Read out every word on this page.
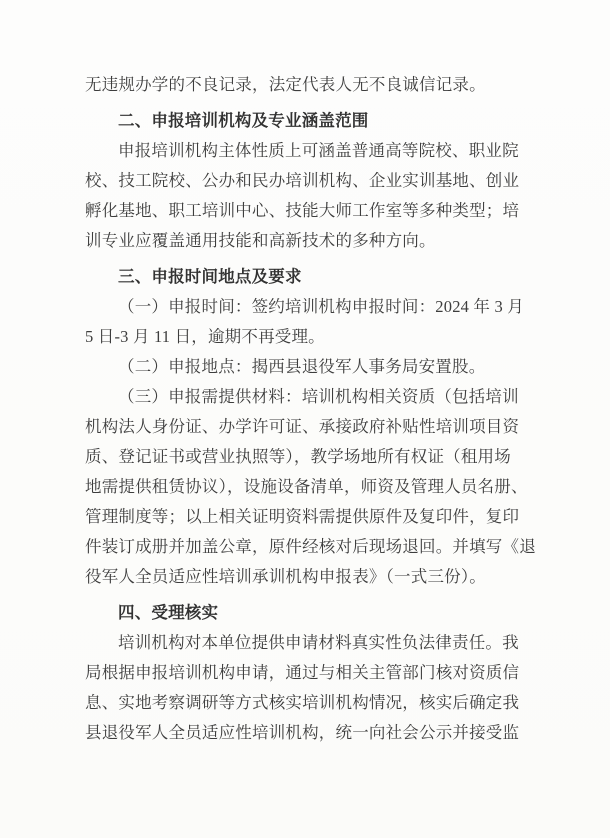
无违规办学的不良记录，法定代表人无不良诚信记录。
二、申报培训机构及专业涵盖范围
申报培训机构主体性质上可涵盖普通高等院校、职业院
校、技工院校、公办和民办培训机构、企业实训基地、创业
孵化基地、职工培训中心、技能大师工作室等多种类型；培
训专业应覆盖通用技能和高新技术的多种方向。
三、申报时间地点及要求
（一）申报时间：签约培训机构申报时间：2024 年 3 月
5 日-3 月 11 日，逾期不再受理。
（二）申报地点：揭西县退役军人事务局安置股。
（三）申报需提供材料：培训机构相关资质（包括培训
机构法人身份证、办学许可证、承接政府补贴性培训项目资
质、登记证书或营业执照等），教学场地所有权证（租用场
地需提供租赁协议），设施设备清单，师资及管理人员名册、
管理制度等；以上相关证明资料需提供原件及复印件，复印
件装订成册并加盖公章，原件经核对后现场退回。并填写《退
役军人全员适应性培训承训机构申报表》（一式三份）。
四、受理核实
培训机构对本单位提供申请材料真实性负法律责任。我
局根据申报培训机构申请，通过与相关主管部门核对资质信
息、实地考察调研等方式核实培训机构情况，核实后确定我
县退役军人全员适应性培训机构，统一向社会公示并接受监
